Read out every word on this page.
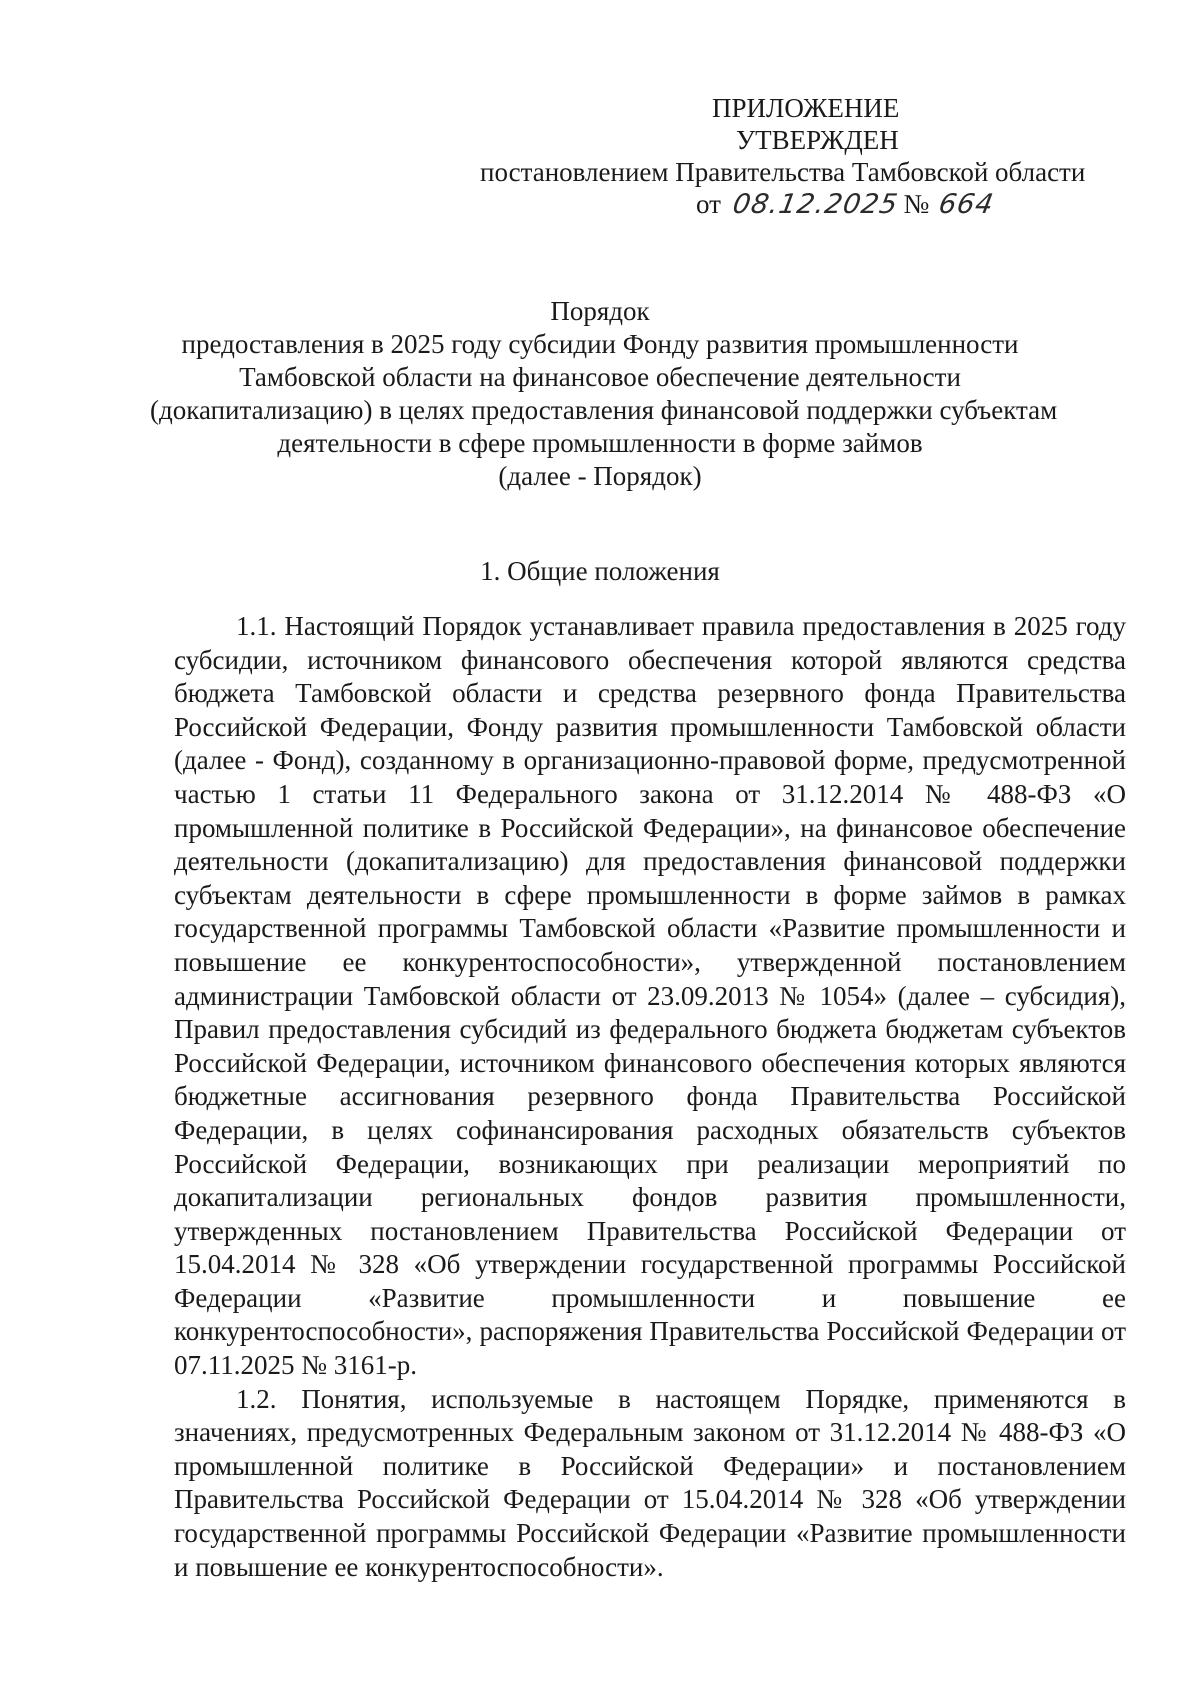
ПРИЛОЖЕНИЕ
УТВЕРЖДЕН
постановлением Правительства Тамбовской области
от 08.12.2025 № 664
Порядок
предоставления в 2025 году субсидии Фонду развития промышленности
Тамбовской области на финансовое обеспечение деятельности
(докапитализацию) в целях предоставления финансовой поддержки субъектам
деятельности в сфере промышленности в форме займов
(далее - Порядок)
1. Общие положения

1.1. Настоящий Порядок устанавливает правила предоставления в 2025 году субсидии, источником финансового обеспечения которой являются средства бюджета Тамбовской области и средства резервного фонда Правительства Российской Федерации, Фонду развития промышленности Тамбовской области (далее - Фонд), созданному в организационно-правовой форме, предусмотренной частью 1 статьи 11 Федерального закона от 31.12.2014 № 488-ФЗ «О промышленной политике в Российской Федерации», на финансовое обеспечение деятельности (докапитализацию) для предоставления финансовой поддержки субъектам деятельности в сфере промышленности в форме займов в рамках государственной программы Тамбовской области «Развитие промышленности и повышение ее конкурентоспособности», утвержденной постановлением администрации Тамбовской области от 23.09.2013 № 1054» (далее – субсидия), Правил предоставления субсидий из федерального бюджета бюджетам субъектов Российской Федерации, источником финансового обеспечения которых являются бюджетные ассигнования резервного фонда Правительства Российской Федерации, в целях софинансирования расходных обязательств субъектов Российской Федерации, возникающих при реализации мероприятий по докапитализации региональных фондов развития промышленности, утвержденных постановлением Правительства Российской Федерации от 15.04.2014 № 328 «Об утверждении государственной программы Российской Федерации «Развитие промышленности и повышение ее конкурентоспособности», распоряжения Правительства Российской Федерации от 07.11.2025 № 3161-р.

1.2. Понятия, используемые в настоящем Порядке, применяются в значениях, предусмотренных Федеральным законом от 31.12.2014 № 488-ФЗ «О промышленной политике в Российской Федерации» и постановлением Правительства Российской Федерации от 15.04.2014 № 328 «Об утверждении государственной программы Российской Федерации «Развитие промышленности и повышение ее конкурентоспособности».
